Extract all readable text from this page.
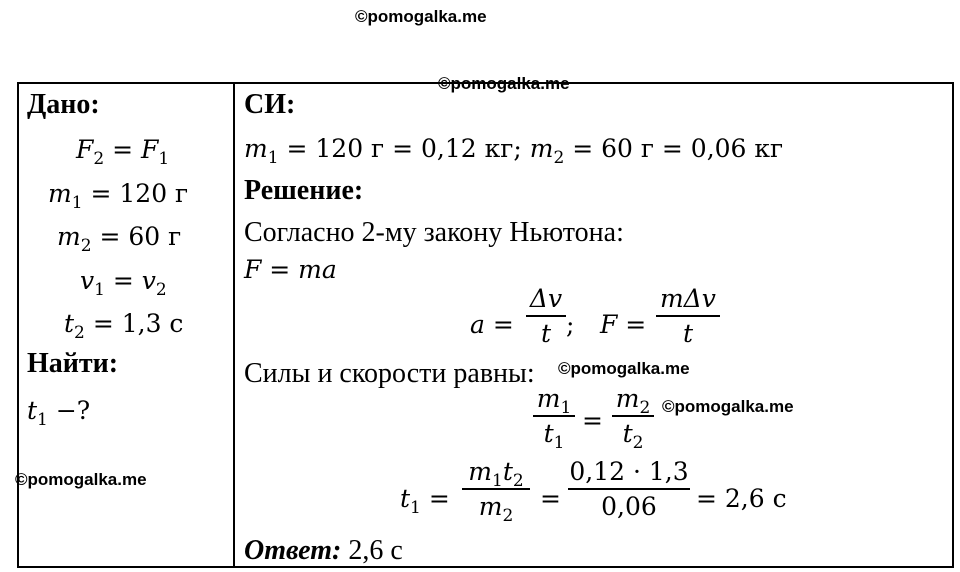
©pomogalka.me
©pomogalka.me
Дано:
$F_2 = F_1$
$m_1 = 120$ г
$m_2 = 60$ г
$v_1 = v_2$
$t_2 = 1,3$ с
Найти:
$t_1$ −?
©pomogalka.me
СИ:
$m_1 = 120$ г = 0,12 кг; $m_2 = 60$ г = 0,06 кг
Решение:
Согласно 2-му закону Ньютона:
F = ma
a =
Δv
t ; F =
mΔv
t
Силы и скорости равны: ©pomogalka.me
$m_1$
$t_1$
=
$m_2$
$t_2$
©pomogalka.me
$t_1$ =
$m_1t_2$
$m_2$
=
0,12 · 1,3
0,06 = 2,6 с
Ответ: 2,6 с
